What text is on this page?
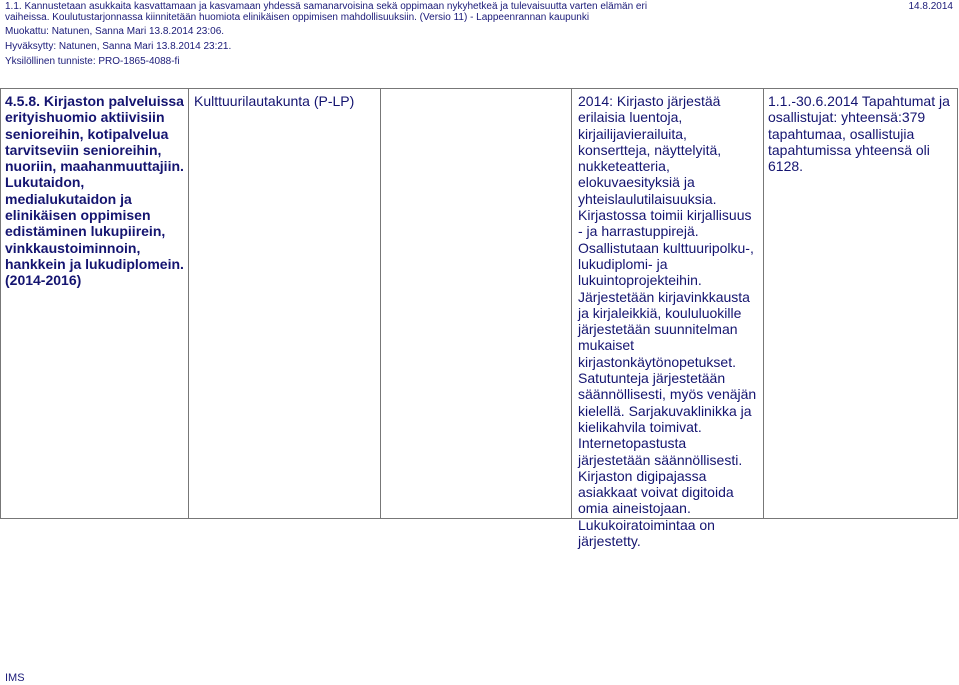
1.1. Kannustetaan asukkaita kasvattamaan ja kasvamaan yhdessä samanarvoisina sekä oppimaan nykyhetkeä ja tulevaisuutta varten elämän eri
vaiheissa. Koulutustarjonnassa kiinnitetään huomiota elinikäisen oppimisen mahdollisuuksiin. (Versio 11) - Lappeenrannan kaupunki
14.8.2014
Muokattu: Natunen, Sanna Mari 13.8.2014 23:06.
Hyväksytty: Natunen, Sanna Mari 13.8.2014 23:21.
Yksilöllinen tunniste: PRO-1865-4088-fi
4.5.8. Kirjaston palveluissa erityishuomio aktiivisiin senioreihin, kotipalvelua tarvitseviin senioreihin, nuoriin, maahanmuuttajiin. Lukutaidon, medialukutaidon ja elinikäisen oppimisen edistäminen lukupiirein, vinkkaustoiminnoin, hankkein ja lukudiplomein. (2014-2016)
Kulttuurilautakunta (P-LP)	2014: Kirjasto järjestää erilaisia luentoja, kirjailijavierailuita, konsertteja, näyttelyitä, nukketeatteria, elokuvaesityksiä ja yhteislaulutilaisuuksia. Kirjastossa toimii kirjallisuus - ja harrastuppirejä. Osallistutaan kulttuuripolku-, lukudiplomi- ja lukuintoprojekteihin. Järjestetään kirjavinkkausta ja kirjaleikkiä, koululuokille järjestetään suunnitelman mukaiset kirjastonkäytönopetukset. Satutunteja järjestetään säännöllisesti, myös venäjän kielellä. Sarjakuvaklinikka ja kielikahvila toimivat. Internetopastusta järjestetään säännöllisesti. Kirjaston digipajassa asiakkaat voivat digitoida omia aineistojaan. Lukukoiratoimintaa on järjestetty.
1.1.-30.6.2014 Tapahtumat ja osallistujat: yhteensä:379 tapahtumaa, osallistujia tapahtumissa yhteensä oli 6128.
IMS
